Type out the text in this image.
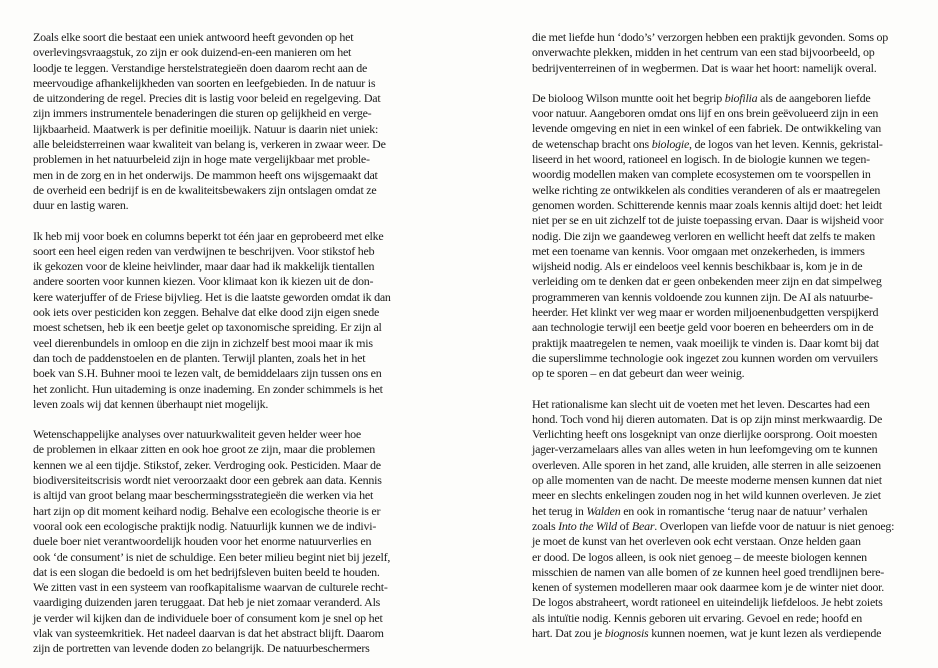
Zoals elke soort die bestaat een uniek antwoord heeft gevonden op het
overlevingsvraagstuk, zo zijn er ook duizend-en-een manieren om het
loodje te leggen. Verstandige herstelstrategieën doen daarom recht aan de
meervoudige afhankelijkheden van soorten en leefgebieden. In de natuur is
de uitzondering de regel. Precies dit is lastig voor beleid en regelgeving. Dat
zijn immers instrumentele benaderingen die sturen op gelijkheid en verge-
lijkbaarheid. Maatwerk is per definitie moeilijk. Natuur is daarin niet uniek:
alle beleidsterreinen waar kwaliteit van belang is, verkeren in zwaar weer. De
problemen in het natuurbeleid zijn in hoge mate vergelijkbaar met proble-
men in de zorg en in het onderwijs. De mammon heeft ons wijsgemaakt dat
de overheid een bedrijf is en de kwaliteitsbewakers zijn ontslagen omdat ze
duur en lastig waren.

Ik heb mij voor boek en columns beperkt tot één jaar en geprobeerd met elke
soort een heel eigen reden van verdwijnen te beschrijven. Voor stikstof heb
ik gekozen voor de kleine heivlinder, maar daar had ik makkelijk tientallen
andere soorten voor kunnen kiezen. Voor klimaat kon ik kiezen uit de don-
kere waterjuffer of de Friese bijvlieg. Het is die laatste geworden omdat ik dan
ook iets over pesticiden kon zeggen. Behalve dat elke dood zijn eigen snede
moest schetsen, heb ik een beetje gelet op taxonomische spreiding. Er zijn al
veel dierenbundels in omloop en die zijn in zichzelf best mooi maar ik mis
dan toch de paddenstoelen en de planten. Terwijl planten, zoals het in het
boek van S.H. Buhner mooi te lezen valt, de bemiddelaars zijn tussen ons en
het zonlicht. Hun uitademing is onze inademing. En zonder schimmels is het
leven zoals wij dat kennen überhaupt niet mogelijk.

Wetenschappelijke analyses over natuurkwaliteit geven helder weer hoe
de problemen in elkaar zitten en ook hoe groot ze zijn, maar die problemen
kennen we al een tijdje. Stikstof, zeker. Verdroging ook. Pesticiden. Maar de
biodiversiteitscrisis wordt niet veroorzaakt door een gebrek aan data. Kennis
is altijd van groot belang maar beschermingsstrategieën die werken via het
hart zijn op dit moment keihard nodig. Behalve een ecologische theorie is er
vooral ook een ecologische praktijk nodig. Natuurlijk kunnen we de indivi-
duele boer niet verantwoordelijk houden voor het enorme natuurverlies en
ook ‘de consument’ is niet de schuldige. Een beter milieu begint niet bij jezelf,
dat is een slogan die bedoeld is om het bedrijfsleven buiten beeld te houden.
We zitten vast in een systeem van roofkapitalisme waarvan de culturele recht-
vaardiging duizenden jaren teruggaat. Dat heb je niet zomaar veranderd. Als
je verder wil kijken dan de individuele boer of consument kom je snel op het
vlak van systeemkritiek. Het nadeel daarvan is dat het abstract blijft. Daarom
zijn de portretten van levende doden zo belangrijk. De natuurbeschermers

die met liefde hun ‘dodo’s’ verzorgen hebben een praktijk gevonden. Soms op
onverwachte plekken, midden in het centrum van een stad bijvoorbeeld, op
bedrijventerreinen of in wegbermen. Dat is waar het hoort: namelijk overal.

De bioloog Wilson muntte ooit het begrip biofilia als de aangeboren liefde
voor natuur. Aangeboren omdat ons lijf en ons brein geëvolueerd zijn in een
levende omgeving en niet in een winkel of een fabriek. De ontwikkeling van
de wetenschap bracht ons biologie, de logos van het leven. Kennis, gekristal-
liseerd in het woord, rationeel en logisch. In de biologie kunnen we tegen-
woordig modellen maken van complete ecosystemen om te voorspellen in
welke richting ze ontwikkelen als condities veranderen of als er maatregelen
genomen worden. Schitterende kennis maar zoals kennis altijd doet: het leidt
niet per se en uit zichzelf tot de juiste toepassing ervan. Daar is wijsheid voor
nodig. Die zijn we gaandeweg verloren en wellicht heeft dat zelfs te maken
met een toename van kennis. Voor omgaan met onzekerheden, is immers
wijsheid nodig. Als er eindeloos veel kennis beschikbaar is, kom je in de
verleiding om te denken dat er geen onbekenden meer zijn en dat simpelweg
programmeren van kennis voldoende zou kunnen zijn. De AI als natuurbe-
heerder. Het klinkt ver weg maar er worden miljoenenbudgetten verspijkerd
aan technologie terwijl een beetje geld voor boeren en beheerders om in de
praktijk maatregelen te nemen, vaak moeilijk te vinden is. Daar komt bij dat
die superslimme technologie ook ingezet zou kunnen worden om vervuilers
op te sporen – en dat gebeurt dan weer weinig.

Het rationalisme kan slecht uit de voeten met het leven. Descartes had een
hond. Toch vond hij dieren automaten. Dat is op zijn minst merkwaardig. De
Verlichting heeft ons losgeknipt van onze dierlijke oorsprong. Ooit moesten
jager-verzamelaars alles van alles weten in hun leefomgeving om te kunnen
overleven. Alle sporen in het zand, alle kruiden, alle sterren in alle seizoenen
op alle momenten van de nacht. De meeste moderne mensen kunnen dat niet
meer en slechts enkelingen zouden nog in het wild kunnen overleven. Je ziet
het terug in Walden en ook in romantische ‘terug naar de natuur’ verhalen
zoals Into the Wild of Bear. Overlopen van liefde voor de natuur is niet genoeg:
je moet de kunst van het overleven ook echt verstaan. Onze helden gaan
er dood. De logos alleen, is ook niet genoeg – de meeste biologen kennen
misschien de namen van alle bomen of ze kunnen heel goed trendlijnen bere-
kenen of systemen modelleren maar ook daarmee kom je de winter niet door.
De logos abstraheert, wordt rationeel en uiteindelijk liefdeloos. Je hebt zoiets
als intuïtie nodig. Kennis geboren uit ervaring. Gevoel en rede; hoofd en
hart. Dat zou je biognosis kunnen noemen, wat je kunt lezen als verdiepende
